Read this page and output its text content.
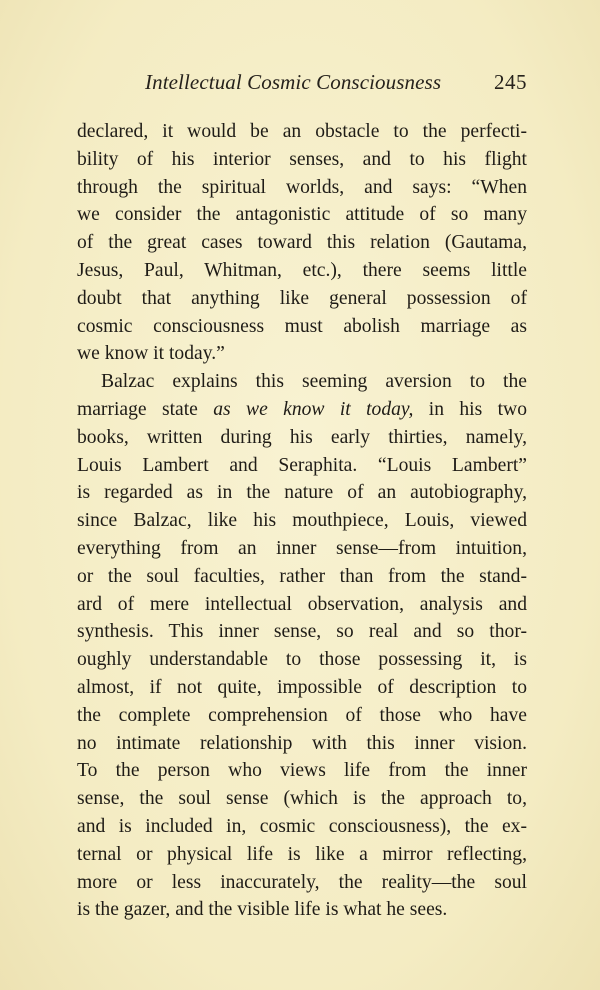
Intellectual Cosmic Consciousness	245
declared, it would be an obstacle to the perfecti-
bility of his interior senses, and to his flight
through the spiritual worlds, and says: “When
we consider the antagonistic attitude of so many
of the great cases toward this relation (Gautama,
Jesus, Paul, Whitman, etc.), there seems little
doubt that anything like general possession of
cosmic consciousness must abolish marriage as
we know it today.”
Balzac explains this seeming aversion to the
marriage state as we know it today, in his two
books, written during his early thirties, namely,
Louis Lambert and Seraphita. “Louis Lambert”
is regarded as in the nature of an autobiography,
since Balzac, like his mouthpiece, Louis, viewed
everything from an inner sense—from intuition,
or the soul faculties, rather than from the stand-
ard of mere intellectual observation, analysis and
synthesis. This inner sense, so real and so thor-
oughly understandable to those possessing it, is
almost, if not quite, impossible of description to
the complete comprehension of those who have
no intimate relationship with this inner vision.
To the person who views life from the inner
sense, the soul sense (which is the approach to,
and is included in, cosmic consciousness), the ex-
ternal or physical life is like a mirror reflecting,
more or less inaccurately, the reality—the soul
is the gazer, and the visible life is what he sees.
